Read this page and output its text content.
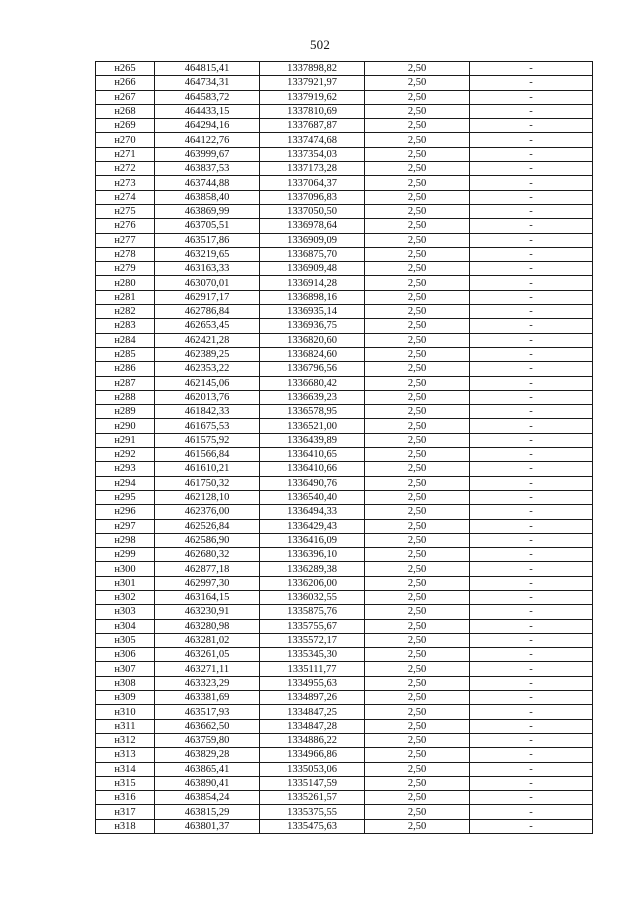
502
н265	464815,41	1337898,82	2,50	-
н266	464734,31	1337921,97	2,50	-
н267	464583,72	1337919,62	2,50	-
н268	464433,15	1337810,69	2,50	-
н269	464294,16	1337687,87	2,50	-
н270	464122,76	1337474,68	2,50	-
н271	463999,67	1337354,03	2,50	-
н272	463837,53	1337173,28	2,50	-
н273	463744,88	1337064,37	2,50	-
н274	463858,40	1337096,83	2,50	-
н275	463869,99	1337050,50	2,50	-
н276	463705,51	1336978,64	2,50	-
н277	463517,86	1336909,09	2,50	-
н278	463219,65	1336875,70	2,50	-
н279	463163,33	1336909,48	2,50	-
н280	463070,01	1336914,28	2,50	-
н281	462917,17	1336898,16	2,50	-
н282	462786,84	1336935,14	2,50	-
н283	462653,45	1336936,75	2,50	-
н284	462421,28	1336820,60	2,50	-
н285	462389,25	1336824,60	2,50	-
н286	462353,22	1336796,56	2,50	-
н287	462145,06	1336680,42	2,50	-
н288	462013,76	1336639,23	2,50	-
н289	461842,33	1336578,95	2,50	-
н290	461675,53	1336521,00	2,50	-
н291	461575,92	1336439,89	2,50	-
н292	461566,84	1336410,65	2,50	-
н293	461610,21	1336410,66	2,50	-
н294	461750,32	1336490,76	2,50	-
н295	462128,10	1336540,40	2,50	-
н296	462376,00	1336494,33	2,50	-
н297	462526,84	1336429,43	2,50	-
н298	462586,90	1336416,09	2,50	-
н299	462680,32	1336396,10	2,50	-
н300	462877,18	1336289,38	2,50	-
н301	462997,30	1336206,00	2,50	-
н302	463164,15	1336032,55	2,50	-
н303	463230,91	1335875,76	2,50	-
н304	463280,98	1335755,67	2,50	-
н305	463281,02	1335572,17	2,50	-
н306	463261,05	1335345,30	2,50	-
н307	463271,11	1335111,77	2,50	-
н308	463323,29	1334955,63	2,50	-
н309	463381,69	1334897,26	2,50	-
н310	463517,93	1334847,25	2,50	-
н311	463662,50	1334847,28	2,50	-
н312	463759,80	1334886,22	2,50	-
н313	463829,28	1334966,86	2,50	-
н314	463865,41	1335053,06	2,50	-
н315	463890,41	1335147,59	2,50	-
н316	463854,24	1335261,57	2,50	-
н317	463815,29	1335375,55	2,50	-
н318	463801,37	1335475,63	2,50	-
